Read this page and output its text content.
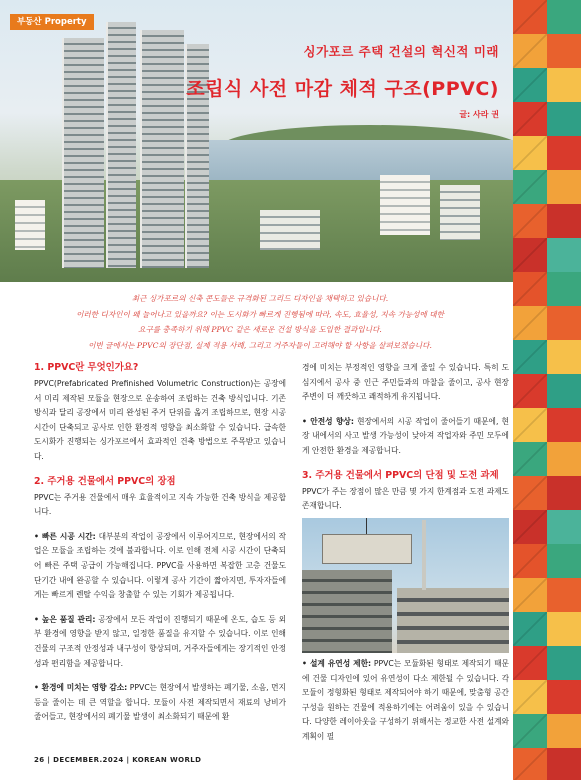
부동산 Property
싱가포르 주택 건설의 혁신적 미래
조립식 사전 마감 체적 구조(PPVC)
글: 사라 권
최근 싱가포르의 신축 콘도들은 규격화된 그리드 디자인을 채택하고 있습니다.
이러한 디자인이 왜 늘어나고 있을까요? 이는 도시화가 빠르게 진행됨에 따라, 속도, 효율성, 지속 가능성에 대한
요구를 충족하기 위해 PPVC 같은 새로운 건설 방식을 도입한 결과입니다.
이번 글에서는 PPVC의 장단점, 실제 적용 사례, 그리고 거주자들이 고려해야 할 사항을 살펴보겠습니다.
1. PPVC란 무엇인가요?

PPVC(Prefabricated Prefinished Volumetric Construction)는 공장에서 미리 제작된 모듈을 현장으로 운송하여 조립하는 건축 방식입니다. 기존 방식과 달리 공장에서 미리 완성된 주거 단위를 옮겨 조립하므로, 현장 시공 시간이 단축되고 공사로 인한 환경적 영향을 최소화할 수 있습니다. 급속한 도시화가 진행되는 싱가포르에서 효과적인 건축 방법으로 주목받고 있습니다.

2. 주거용 건물에서 PPVC의 장점

PPVC는 주거용 건물에서 매우 효율적이고 지속 가능한 건축 방식을 제공합니다.

• 빠른 시공 시간: 대부분의 작업이 공장에서 이루어지므로, 현장에서의 작업은 모듈을 조립하는 것에 불과합니다. 이로 인해 전체 시공 시간이 단축되어 빠른 주택 공급이 가능해집니다. PPVC를 사용하면 복잡한 고층 건물도 단기간 내에 완공할 수 있습니다. 이렇게 공사 기간이 짧아지면, 투자자들에게는 빠르게 렌탈 수익을 창출할 수 있는 기회가 제공됩니다.

• 높은 품질 관리: 공장에서 모든 작업이 진행되기 때문에 온도, 습도 등 외부 환경에 영향을 받지 않고, 일정한 품질을 유지할 수 있습니다. 이로 인해 건물의 구조적 안정성과 내구성이 향상되며, 거주자들에게는 장기적인 안정성과 편리함을 제공합니다.

• 환경에 미치는 영향 감소: PPVC는 현장에서 발생하는 폐기물, 소음, 먼지 등을 줄이는 데 큰 역할을 합니다. 모듈이 사전 제작되면서 재료의 낭비가 줄어들고, 현장에서의 폐기물 발생이 최소화되기 때문에 환

경에 미치는 부정적인 영향을 크게 줄일 수 있습니다. 특히 도심지에서 공사 중 인근 주민들과의 마찰을 줄이고, 공사 현장 주변이 더 깨끗하고 쾌적하게 유지됩니다.

• 안전성 향상: 현장에서의 시공 작업이 줄어들기 때문에, 현장 내에서의 사고 발생 가능성이 낮아져 작업자와 주민 모두에게 안전한 환경을 제공합니다.

3. 주거용 건물에서 PPVC의 단점 및 도전 과제

PPVC가 주는 장점이 많은 만큼 몇 가지 한계점과 도전 과제도 존재합니다.

• 설계 유연성 제한: PPVC는 모듈화된 형태로 제작되기 때문에 건물 디자인에 있어 유연성이 다소 제한될 수 있습니다. 각 모듈이 정형화된 형태로 제작되어야 하기 때문에, 맞춤형 공간 구성을 원하는 건물에 적용하기에는 어려움이 있을 수 있습니다. 다양한 레이아웃을 구성하기 위해서는 정교한 사전 설계와 계획이 필

26 | DECEMBER.2024 | KOREAN WORLD
